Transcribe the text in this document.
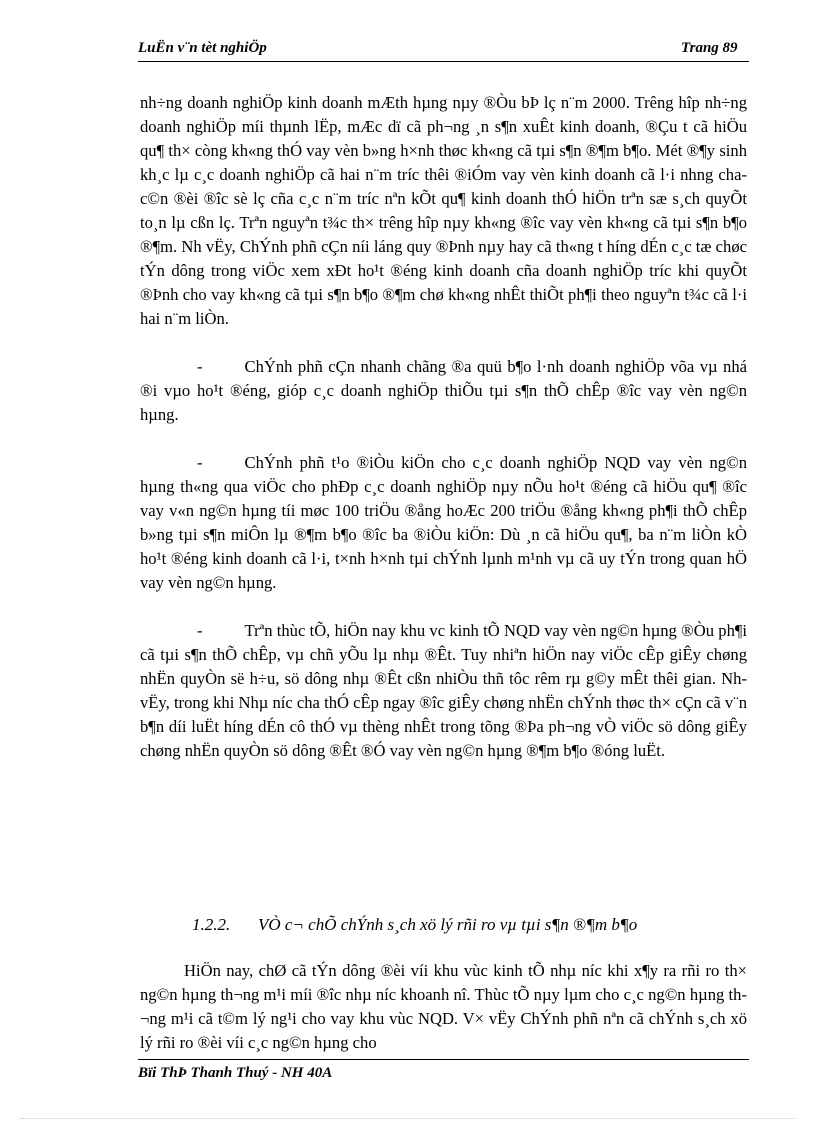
LuËn v¨n tèt nghiÖp	Trang 89

nh÷ng doanh nghiÖp kinh doanh mÆth hµng nµy ®Òu bÞ lç n¨m 2000. Trêng hîp nh÷ng doanh nghiÖp míi thµnh lËp, mÆc dï cã ph¬ng ¸n s¶n xuÊt kinh doanh, ®Çu t cã hiÖu qu¶ th× còng kh«ng thÓ vay vèn b»ng h×nh thøc kh«ng cã tµi s¶n ®¶m b¶o. Mét ®¶y sinh kh¸c lµ c¸c doanh nghiÖp cã hai n¨m tríc thêi ®iÓm vay vèn kinh doanh cã l·i nhng cha c©n ®èi ®îc sè lç cña c¸c n¨m tríc nªn kÕt qu¶ kinh doanh thÓ hiÖn trªn sæ s¸ch quyÕt to¸n lµ cßn lç. Trªn nguyªn t¾c th× trêng hîp nµy kh«ng ®îc vay vèn kh«ng cã tµi s¶n b¶o ®¶m. Nh vËy, ChÝnh phñ cÇn níi láng quy ®Þnh nµy hay cã th«ng t híng dÉn c¸c tæ chøc tÝn dông trong viÖc xem xÐt ho¹t ®éng kinh doanh cña doanh nghiÖp tríc khi quyÕt ®Þnh cho vay kh«ng cã tµi s¶n b¶o ®¶m chø kh«ng nhÊt thiÕt ph¶i theo nguyªn t¾c cã l·i hai n¨m liÒn.

-	ChÝnh phñ cÇn nhanh chãng ®a quü b¶o l·nh doanh nghiÖp võa vµ nhá ®i vµo ho¹t ®éng, gióp c¸c doanh nghiÖp thiÕu tµi s¶n thÕ chÊp ®îc vay vèn ng©n hµng.

-	ChÝnh phñ t¹o ®iÒu kiÖn cho c¸c doanh nghiÖp NQD vay vèn ng©n hµng th«ng qua viÖc cho phÐp c¸c doanh nghiÖp nµy nÕu ho¹t ®éng cã hiÖu qu¶ ®îc vay v«n ng©n hµng tíi møc 100 triÖu ®ång hoÆc 200 triÖu ®ång kh«ng ph¶i thÕ chÊp b»ng tµi s¶n miÔn lµ ®¶m b¶o ®îc ba ®iÒu kiÖn: Dù ¸n cã hiÖu qu¶, ba n¨m liÒn kÒ ho¹t ®éng kinh doanh cã l·i, t×nh h×nh tµi chÝnh lµnh m¹nh vµ cã uy tÝn trong quan hÖ vay vèn ng©n hµng.

-	Trªn thùc tÕ, hiÖn nay khu vc kinh tÕ NQD vay vèn ng©n hµng ®Òu ph¶i cã tµi s¶n thÕ chÊp, vµ chñ yÕu lµ nhµ ®Êt. Tuy nhiªn hiÖn nay viÖc cÊp giÊy chøng nhËn quyÒn së h÷u, sö dông nhµ ®Êt cßn nhiÒu thñ tôc rêm rµ g©y mÊt thêi gian. Nh vËy, trong khi Nhµ níc cha thÓ cÊp ngay ®îc giÊy chøng nhËn chÝnh thøc th× cÇn cã v¨n b¶n díi luËt híng dÉn cô thÓ vµ thèng nhÊt trong tõng ®Þa ph¬ng vÒ viÖc sö dông giÊy chøng nhËn quyÒn sö dông ®Êt ®Ó vay vèn ng©n hµng ®¶m b¶o ®óng luËt.

1.2.2. VÒ c¬ chÕ chÝnh s¸ch xö lý rñi ro vµ tµi s¶n ®¶m b¶o

HiÖn nay, chØ cã tÝn dông ®èi víi khu vùc kinh tÕ nhµ níc khi x¶y ra rñi ro th× ng©n hµng th¬ng m¹i míi ®îc nhµ níc khoanh nî. Thùc tÕ nµy lµm cho c¸c ng©n hµng th¬ng m¹i cã t©m lý ng¹i cho vay khu vùc NQD. V× vËy ChÝnh phñ nªn cã chÝnh s¸ch xö lý rñi ro ®èi víi c¸c ng©n hµng cho

Bïi ThÞ Thanh Thuý - NH 40A
